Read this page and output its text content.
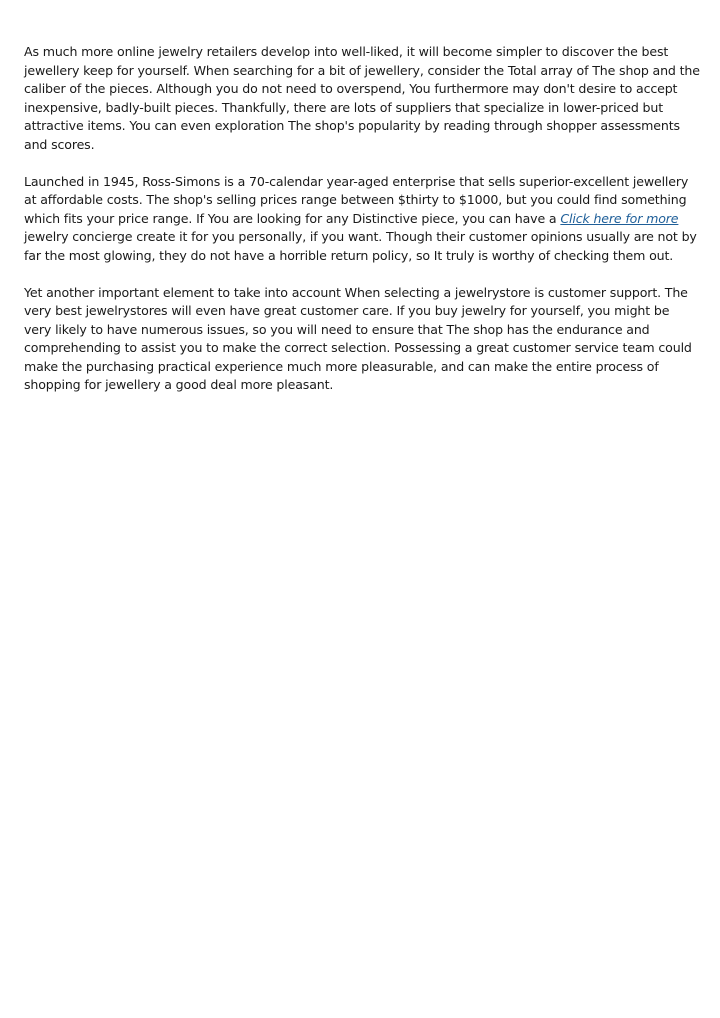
As much more online jewelry retailers develop into well-liked, it will become simpler to discover the best jewellery keep for yourself. When searching for a bit of jewellery, consider the Total array of The shop and the caliber of the pieces. Although you do not need to overspend, You furthermore may don't desire to accept inexpensive, badly-built pieces. Thankfully, there are lots of suppliers that specialize in lower-priced but attractive items. You can even exploration The shop's popularity by reading through shopper assessments and scores.

Launched in 1945, Ross-Simons is a 70-calendar year-aged enterprise that sells superior-excellent jewellery at affordable costs. The shop's selling prices range between $thirty to $1000, but you could find something which fits your price range. If You are looking for any Distinctive piece, you can have a Click here for more jewelry concierge create it for you personally, if you want. Though their customer opinions usually are not by far the most glowing, they do not have a horrible return policy, so It truly is worthy of checking them out.

Yet another important element to take into account When selecting a jewelrystore is customer support. The very best jewelrystores will even have great customer care. If you buy jewelry for yourself, you might be very likely to have numerous issues, so you will need to ensure that The shop has the endurance and comprehending to assist you to make the correct selection. Possessing a great customer service team could make the purchasing practical experience much more pleasurable, and can make the entire process of shopping for jewellery a good deal more pleasant.
